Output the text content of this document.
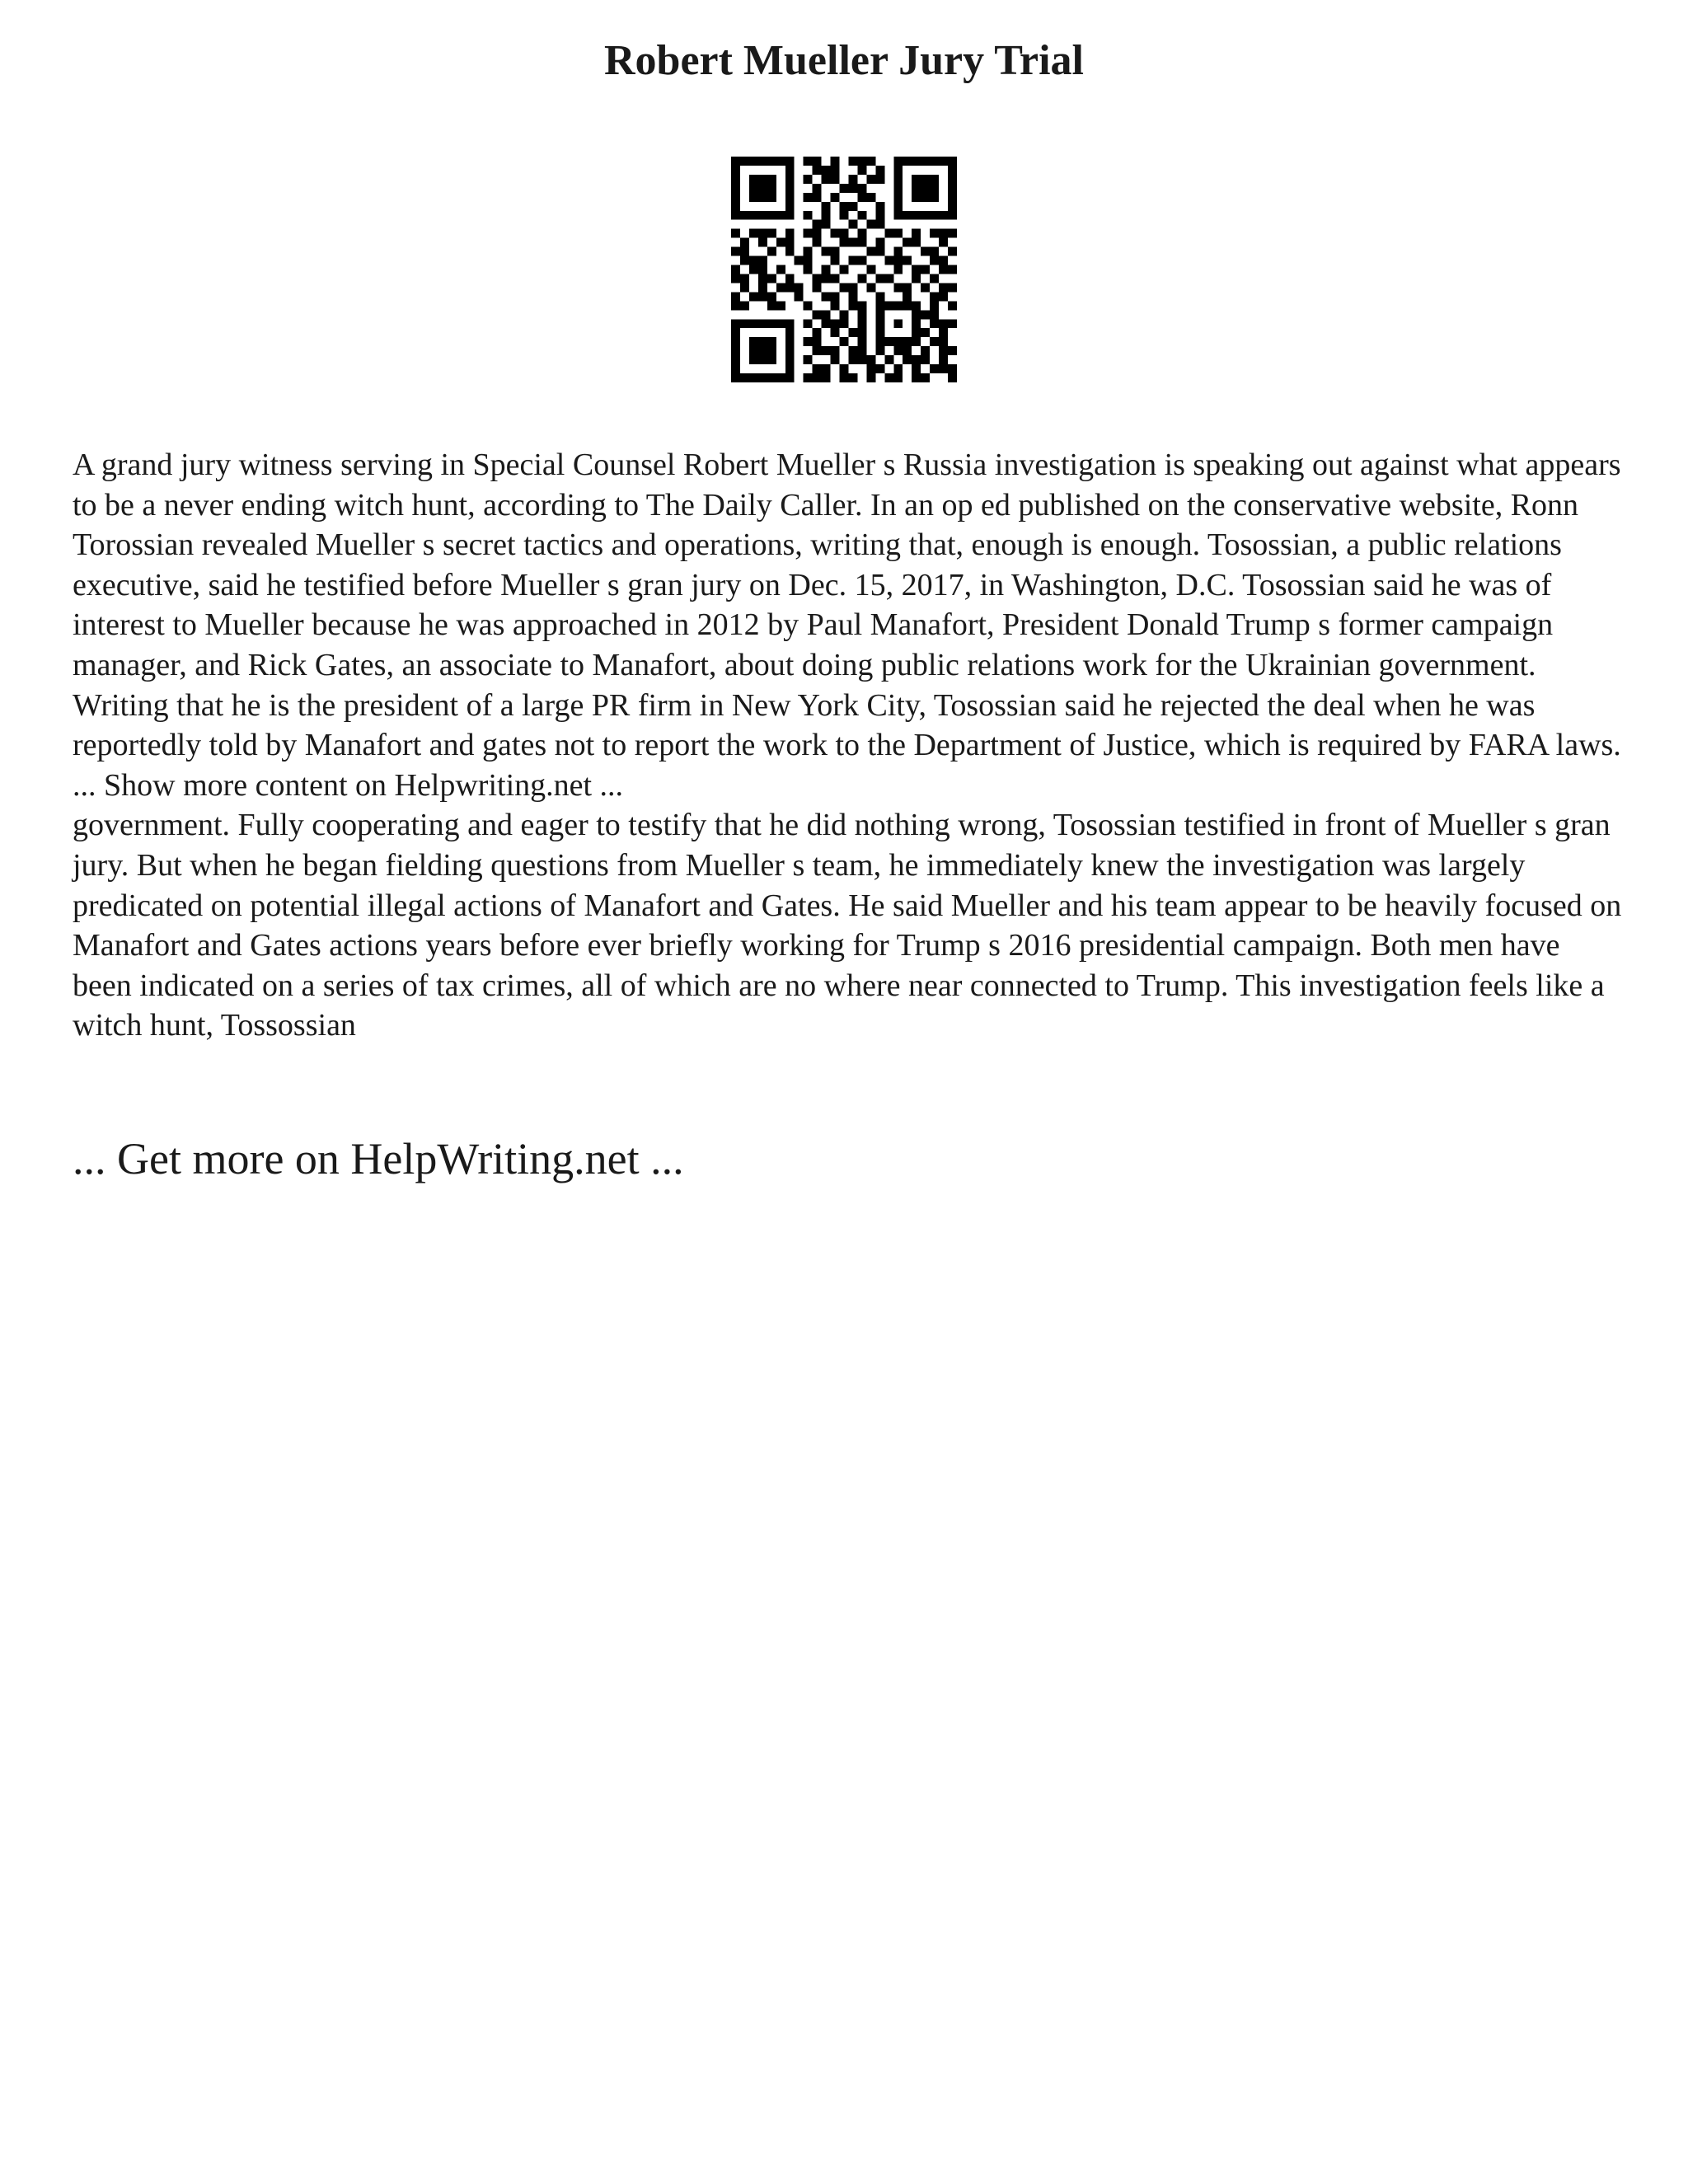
Robert Mueller Jury Trial

A grand jury witness serving in Special Counsel Robert Mueller s Russia investigation is speaking out against what appears to be a never ending witch hunt, according to The Daily Caller. In an op ed published on the conservative website, Ronn Torossian revealed Mueller s secret tactics and operations, writing that, enough is enough. Tosossian, a public relations executive, said he testified before Mueller s gran jury on Dec. 15, 2017, in Washington, D.C. Tosossian said he was of interest to Mueller because he was approached in 2012 by Paul Manafort, President Donald Trump s former campaign manager, and Rick Gates, an associate to Manafort, about doing public relations work for the Ukrainian government. Writing that he is the president of a large PR firm in New York City, Tosossian said he rejected the deal when he was reportedly told by Manafort and gates not to report the work to the Department of Justice, which is required by FARA laws. ... Show more content on Helpwriting.net ...

government. Fully cooperating and eager to testify that he did nothing wrong, Tosossian testified in front of Mueller s gran jury. But when he began fielding questions from Mueller s team, he immediately knew the investigation was largely predicated on potential illegal actions of Manafort and Gates. He said Mueller and his team appear to be heavily focused on Manafort and Gates actions years before ever briefly working for Trump s 2016 presidential campaign. Both men have been indicated on a series of tax crimes, all of which are no where near connected to Trump. This investigation feels like a witch hunt, Tossossian

... Get more on HelpWriting.net ...
